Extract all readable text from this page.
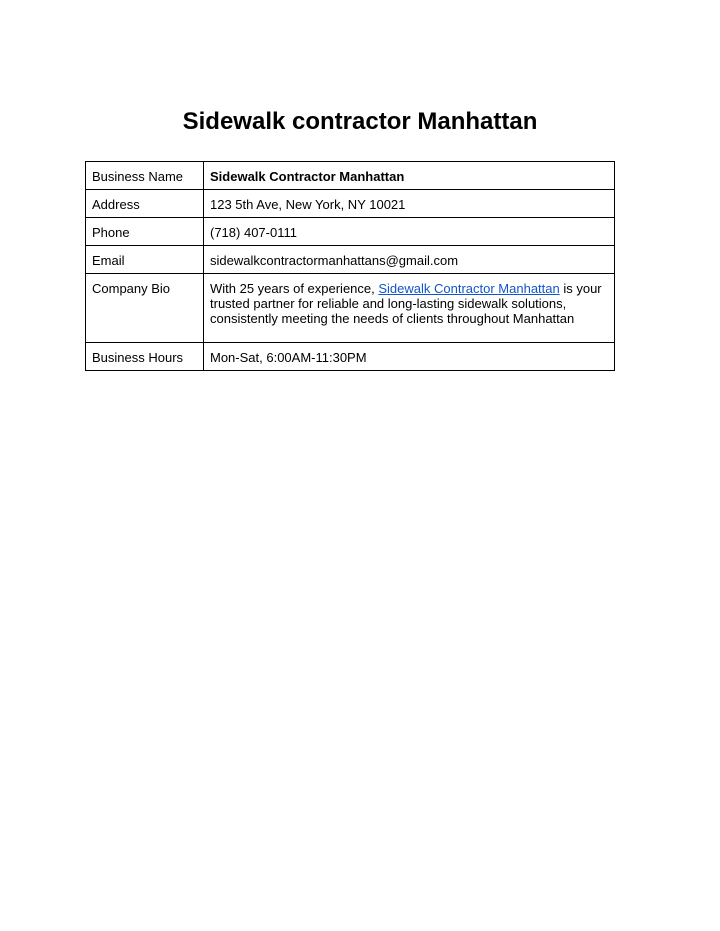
Sidewalk contractor Manhattan
Business Name	Sidewalk Contractor Manhattan
Address	123 5th Ave, New York, NY 10021
Phone	(718) 407-0111
Email	sidewalkcontractormanhattans@gmail.com
Company Bio	With 25 years of experience, Sidewalk Contractor Manhattan is your trusted partner for reliable and long-lasting sidewalk solutions, consistently meeting the needs of clients throughout Manhattan
Business Hours	Mon-Sat, 6:00AM-11:30PM
